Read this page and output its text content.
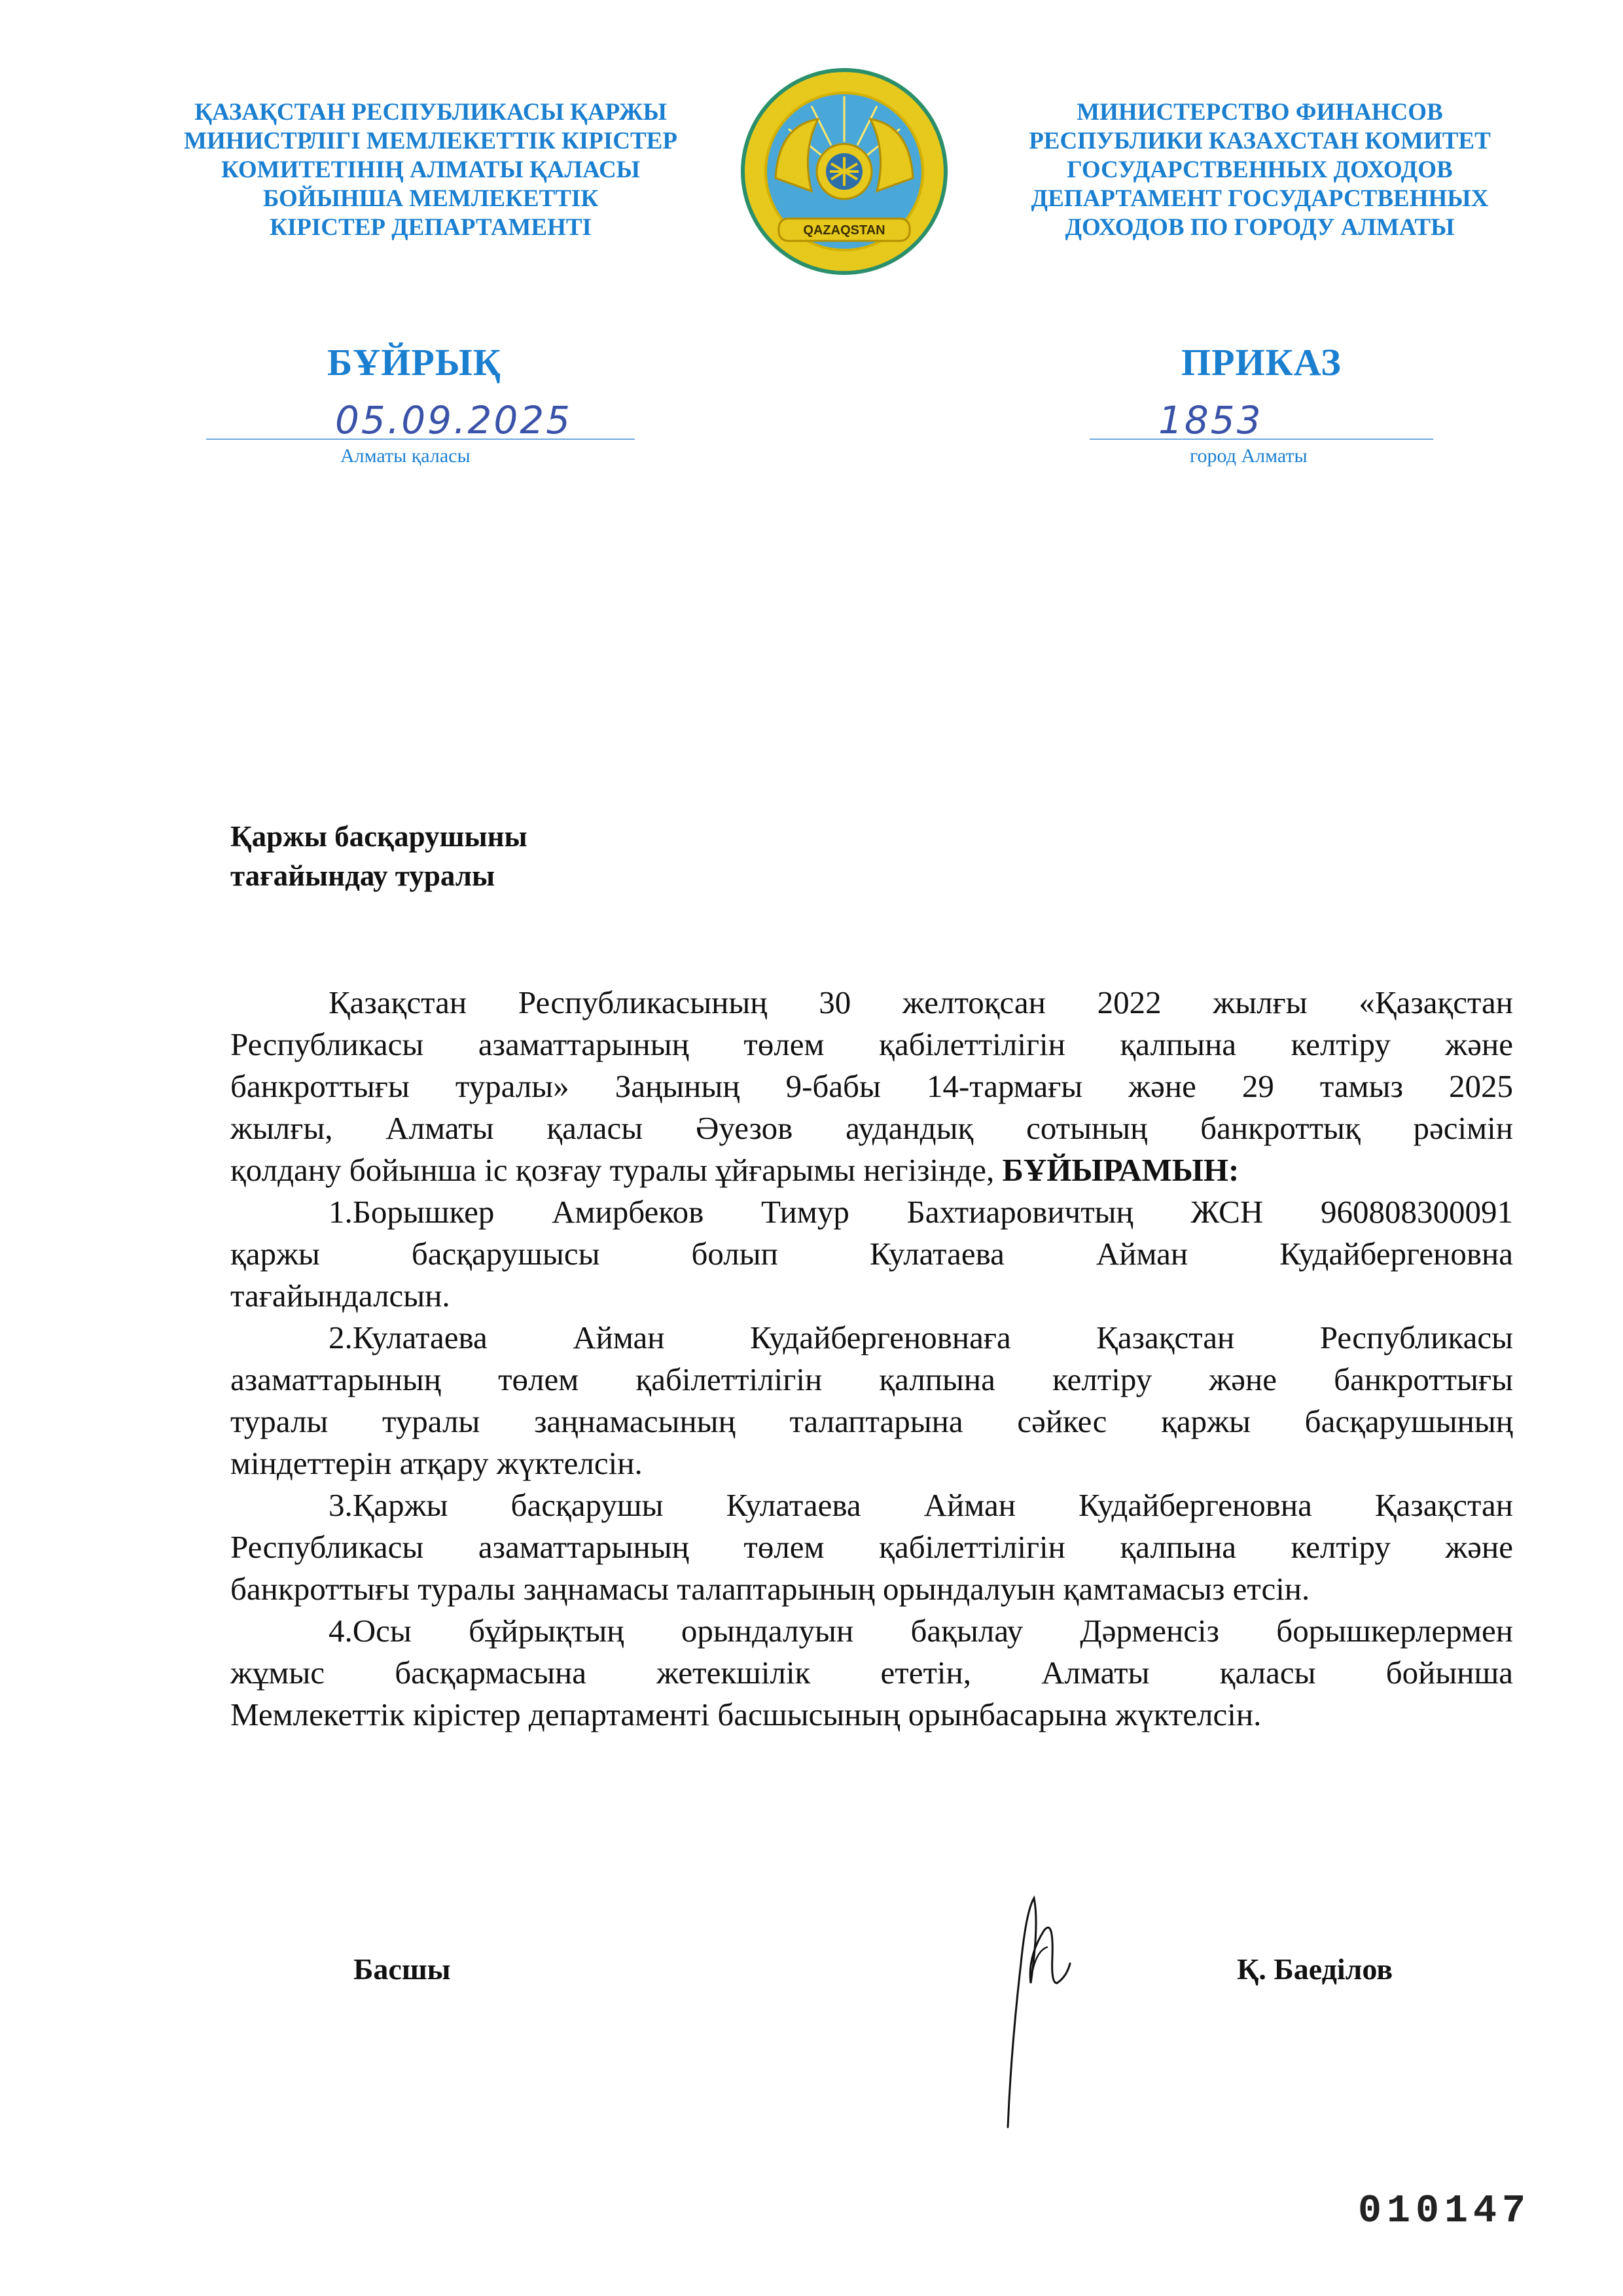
ҚАЗАҚСТАН РЕСПУБЛИКАСЫ ҚАРЖЫ
МИНИСТРЛІГІ МЕМЛЕКЕТТІК КІРІСТЕР
КОМИТЕТІНІҢ АЛМАТЫ ҚАЛАСЫ
БОЙЫНША МЕМЛЕКЕТТІК
КІРІСТЕР ДЕПАРТАМЕНТІ	QAZAQSTAN
МИНИСТЕРСТВО ФИНАНСОВ
РЕСПУБЛИКИ КАЗАХСТАН КОМИТЕТ
ГОСУДАРСТВЕННЫХ ДОХОДОВ
ДЕПАРТАМЕНТ ГОСУДАРСТВЕННЫХ
ДОХОДОВ ПО ГОРОДУ АЛМАТЫ
БҰЙРЫҚ	ПРИКАЗ
05.09.2025	1853
Алматы қаласы	город Алматы
Қаржы басқарушыны
тағайындау туралы
Қазақстан Республикасының 30 желтоқсан 2022 жылғы «Қазақстан
Республикасы азаматтарының төлем қабілеттілігін қалпына келтіру және
банкроттығы туралы» Заңының 9-бабы 14-тармағы және 29 тамыз 2025
жылғы, Алматы қаласы Әуезов аудандық сотының банкроттық рәсімін
қолдану бойынша іс қозғау туралы ұйғарымы негізінде, БҰЙЫРАМЫН:
1.Борышкер Амирбеков Тимур Бахтиаровичтың ЖСН 960808300091
қаржы басқарушысы болып Кулатаева Айман Кудайбергеновна
тағайындалсын.
2.Кулатаева Айман Кудайбергеновнаға Қазақстан Республикасы
азаматтарының төлем қабілеттілігін қалпына келтіру және банкроттығы
туралы туралы заңнамасының талаптарына сәйкес қаржы басқарушының
міндеттерін атқару жүктелсін.
3.Қаржы басқарушы Кулатаева Айман Кудайбергеновна Қазақстан
Республикасы азаматтарының төлем қабілеттілігін қалпына келтіру және
банкроттығы туралы заңнамасы талаптарының орындалуын қамтамасыз етсін.
4.Осы бұйрықтың орындалуын бақылау Дәрменсіз борышкерлермен
жұмыс басқармасына жетекшілік ететін, Алматы қаласы бойынша
Мемлекеттік кірістер департаменті басшысының орынбасарына жүктелсін.
Басшы	Қ. Баеділов
010147
